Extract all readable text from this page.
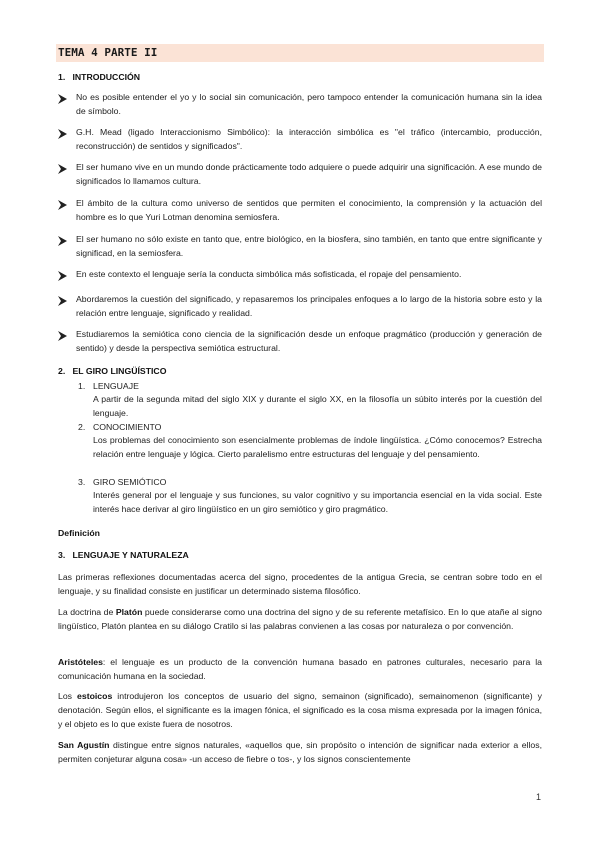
TEMA 4 PARTE II
1.   INTRODUCCIÓN
No es posible entender el yo y lo social sin comunicación, pero tampoco entender la comunicación humana sin la idea de símbolo.
G.H. Mead (ligado Interaccionismo Simbólico): la interacción simbólica es "el tráfico (intercambio, producción, reconstrucción) de sentidos y significados".
El ser humano vive en un mundo donde prácticamente todo adquiere o puede adquirir una significación. A ese mundo de significados lo llamamos cultura.
El ámbito de la cultura como universo de sentidos que permiten el conocimiento, la comprensión y la actuación del hombre es lo que Yuri Lotman denomina semiosfera.
El ser humano no sólo existe en tanto que, entre biológico, en la biosfera, sino también, en tanto que entre significante y significad, en la semiosfera.
En este contexto el lenguaje sería la conducta simbólica más sofisticada, el ropaje del pensamiento.
Abordaremos la cuestión del significado, y repasaremos los principales enfoques a lo largo de la historia sobre esto y la relación entre lenguaje, significado y realidad.
Estudiaremos la semiótica cono ciencia de la significación desde un enfoque pragmático (producción y generación de sentido) y desde la perspectiva semiótica estructural.
2.   EL GIRO LINGÜÍSTICO
1. LENGUAJE
A partir de la segunda mitad del siglo XIX y durante el siglo XX, en la filosofía un súbito interés por la cuestión del lenguaje.
2. CONOCIMIENTO
Los problemas del conocimiento son esencialmente problemas de índole lingüística. ¿Cómo conocemos? Estrecha relación entre lenguaje y lógica. Cierto paralelismo entre estructuras del lenguaje y del pensamiento.
3. GIRO SEMIÓTICO
Interés general por el lenguaje y sus funciones, su valor cognitivo y su importancia esencial en la vida social. Este interés hace derivar al giro lingüístico en un giro semiótico y giro pragmático.
Definición
3.   LENGUAJE Y NATURALEZA
Las primeras reflexiones documentadas acerca del signo, procedentes de la antigua Grecia, se centran sobre todo en el lenguaje, y su finalidad consiste en justificar un determinado sistema filosófico.
La doctrina de Platón puede considerarse como una doctrina del signo y de su referente metafísico. En lo que atañe al signo lingüístico, Platón plantea en su diálogo Cratilo si las palabras convienen a las cosas por naturaleza o por convención.
Aristóteles: el lenguaje es un producto de la convención humana basado en patrones culturales, necesario para la comunicación humana en la sociedad.
Los estoicos introdujeron los conceptos de usuario del signo, semainon (significado), semainomenon (significante) y denotación. Según ellos, el significante es la imagen fónica, el significado es la cosa misma expresada por la imagen fónica, y el objeto es lo que existe fuera de nosotros.
San Agustín distingue entre signos naturales, «aquellos que, sin propósito o intención de significar nada exterior a ellos, permiten conjeturar alguna cosa» -un acceso de fiebre o tos-, y los signos conscientemente
1
